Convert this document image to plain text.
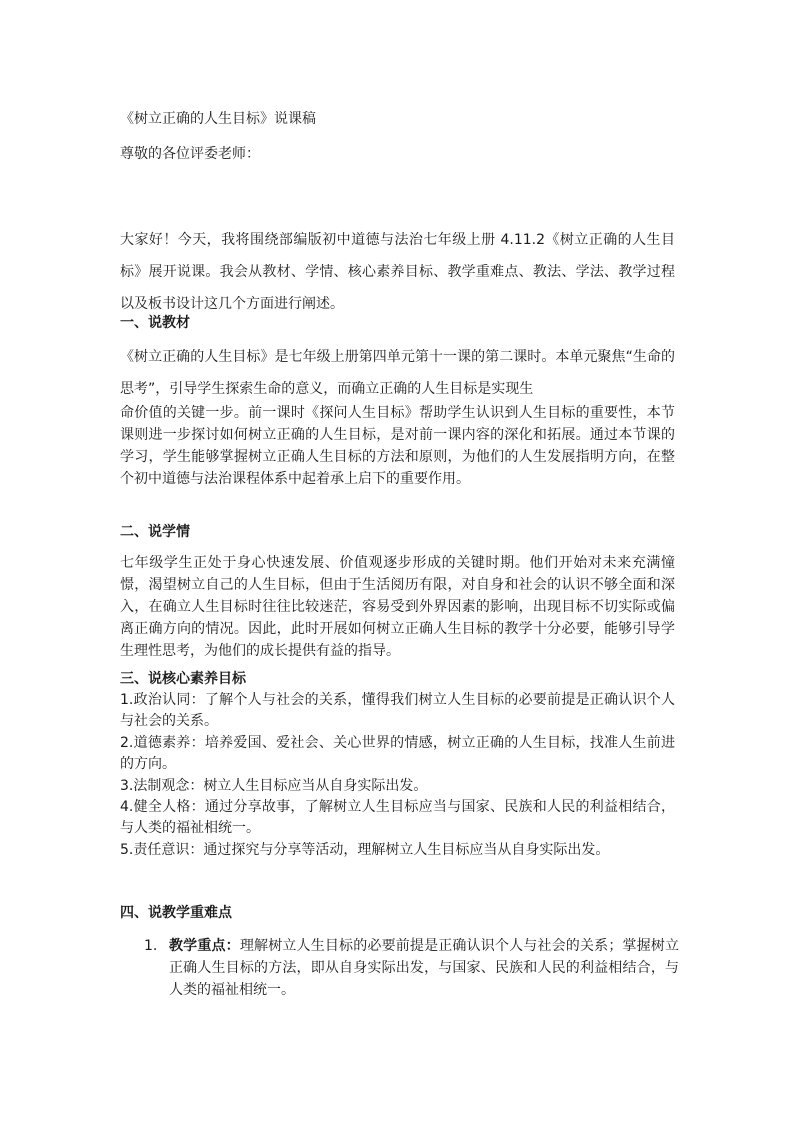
《树立正确的人生目标》说课稿

尊敬的各位评委老师：

大家好！今天，我将围绕部编版初中道德与法治七年级上册 4.11.2《树立正确的人生目标》展开说课。我会从教材、学情、核心素养目标、教学重难点、教法、学法、教学过程以及板书设计这几个方面进行阐述。

一、说教材

《树立正确的人生目标》是七年级上册第四单元第十一课的第二课时。本单元聚焦“生命的思考”，引导学生探索生命的意义，而确立正确的人生目标是实现生

命价值的关键一步。前一课时《探问人生目标》帮助学生认识到人生目标的重要性，本节课则进一步探讨如何树立正确的人生目标，是对前一课内容的深化和拓展。通过本节课的学习，学生能够掌握树立正确人生目标的方法和原则，为他们的人生发展指明方向，在整个初中道德与法治课程体系中起着承上启下的重要作用。

二、说学情

七年级学生正处于身心快速发展、价值观逐步形成的关键时期。他们开始对未来充满憧憬，渴望树立自己的人生目标，但由于生活阅历有限，对自身和社会的认识不够全面和深入，在确立人生目标时往往比较迷茫，容易受到外界因素的影响，出现目标不切实际或偏离正确方向的情况。因此，此时开展如何树立正确人生目标的教学十分必要，能够引导学生理性思考，为他们的成长提供有益的指导。

三、说核心素养目标

1.政治认同：了解个人与社会的关系，懂得我们树立人生目标的必要前提是正确认识个人与社会的关系。

2.道德素养：培养爱国、爱社会、关心世界的情感，树立正确的人生目标，找准人生前进的方向。

3.法制观念：树立人生目标应当从自身实际出发。

4.健全人格：通过分享故事，了解树立人生目标应当与国家、民族和人民的利益相结合，与人类的福祉相统一。

5.责任意识：通过探究与分享等活动，理解树立人生目标应当从自身实际出发。

四、说教学重难点

1. 教学重点：理解树立人生目标的必要前提是正确认识个人与社会的关系；掌握树立正确人生目标的方法，即从自身实际出发，与国家、民族和人民的利益相结合，与人类的福祉相统一。
